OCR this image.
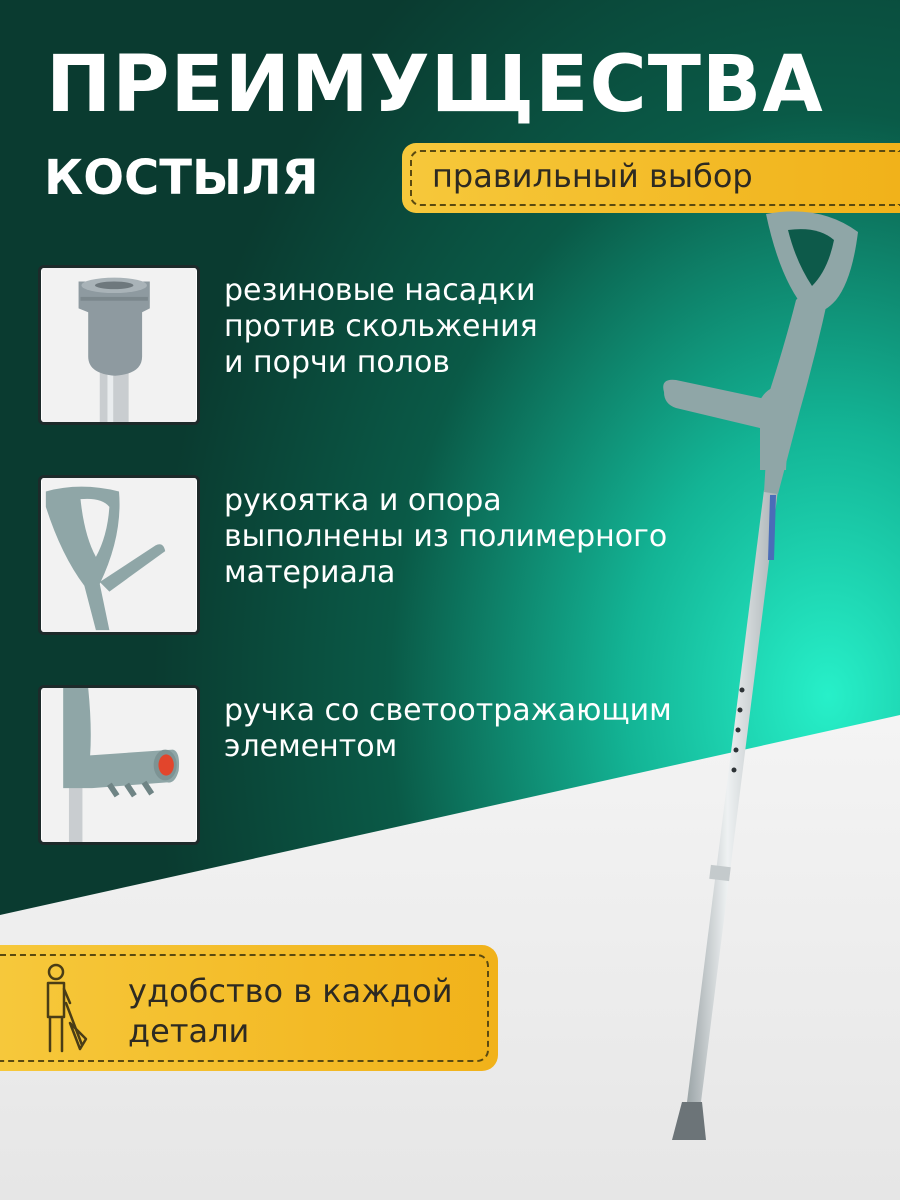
ПРЕИМУЩЕСТВА
КОСТЫЛЯ	правильный выбор
резиновые насадки
против скольжения
и порчи полов
рукоятка и опора
выполнены из полимерного
материала
ручка со светоотражающим
элементом
удобство в каждой
детали
